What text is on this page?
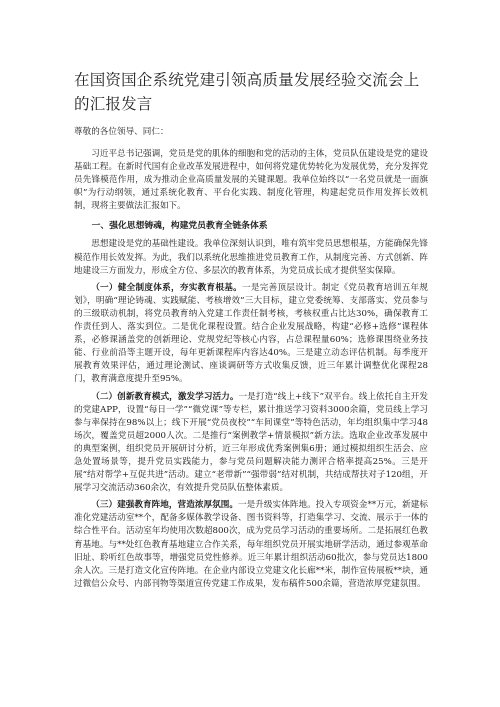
在国资国企系统党建引领高质量发展经验交流会上的汇报发言
尊敬的各位领导、同仁：

习近平总书记强调，党员是党的肌体的细胞和党的活动的主体，党员队伍建设是党的建设基础工程。在新时代国有企业改革发展进程中，如何将党建优势转化为发展优势，充分发挥党员先锋模范作用，成为推动企业高质量发展的关键课题。我单位始终以“一名党员就是一面旗帜”为行动纲领，通过系统化教育、平台化实践、制度化管理，构建起党员作用发挥长效机制，现将主要做法汇报如下。

一、强化思想铸魂，构建党员教育全链条体系

思想建设是党的基础性建设。我单位深刻认识到，唯有筑牢党员思想根基，方能确保先锋模范作用长效发挥。为此，我们以系统化思维推进党员教育工作，从制度完善、方式创新、阵地建设三方面发力，形成全方位、多层次的教育体系，为党员成长成才提供坚实保障。

（一）健全制度体系，夯实教育根基。一是完善顶层设计。制定《党员教育培训五年规划》，明确“理论铸魂、实践赋能、考核增效”三大目标，建立党委统筹、支部落实、党员参与的三级联动机制，将党员教育纳入党建工作责任制考核，考核权重占比达30%，确保教育工作责任到人、落实到位。二是优化课程设置。结合企业发展战略，构建“必修+选修”课程体系，必修课涵盖党的创新理论、党规党纪等核心内容，占总课程量60%；选修课围绕业务技能、行业前沿等主题开设，每年更新课程库内容达40%。三是建立动态评估机制。每季度开展教育效果评估，通过理论测试、座谈调研等方式收集反馈，近三年累计调整优化课程28门，教育满意度提升至95%。

（二）创新教育模式，激发学习活力。一是打造“线上+线下”双平台。线上依托自主开发的党建APP，设置“每日一学”“微党课”等专栏，累计推送学习资料3000余篇，党员线上学习参与率保持在98%以上；线下开展“党员夜校”“车间课堂”等特色活动，年均组织集中学习48场次，覆盖党员超2000人次。二是推行“案例教学+情景模拟”新方法。选取企业改革发展中的典型案例，组织党员开展研讨分析，近三年形成优秀案例集6册；通过模拟组织生活会、应急处置场景等，提升党员实践能力，参与党员问题解决能力测评合格率提高25%。三是开展“结对帮学+互促共进”活动。建立“老带新”“强带弱”结对机制，共结成帮扶对子120组，开展学习交流活动360余次，有效提升党员队伍整体素质。

（三）建强教育阵地，营造浓厚氛围。一是升级实体阵地。投入专项资金**万元，新建标准化党建活动室**个，配备多媒体教学设备、图书资料等，打造集学习、交流、展示于一体的综合性平台。活动室年均使用次数超800次，成为党员学习活动的重要场所。二是拓展红色教育基地。与**处红色教育基地建立合作关系，每年组织党员开展实地研学活动，通过参观革命旧址、聆听红色故事等，增强党员党性修养。近三年累计组织活动60批次，参与党员达1800余人次。三是打造文化宣传阵地。在企业内部设立党建文化长廊**米，制作宣传展板**块，通过微信公众号、内部刊物等渠道宣传党建工作成果，发布稿件500余篇，营造浓厚党建氛围。
